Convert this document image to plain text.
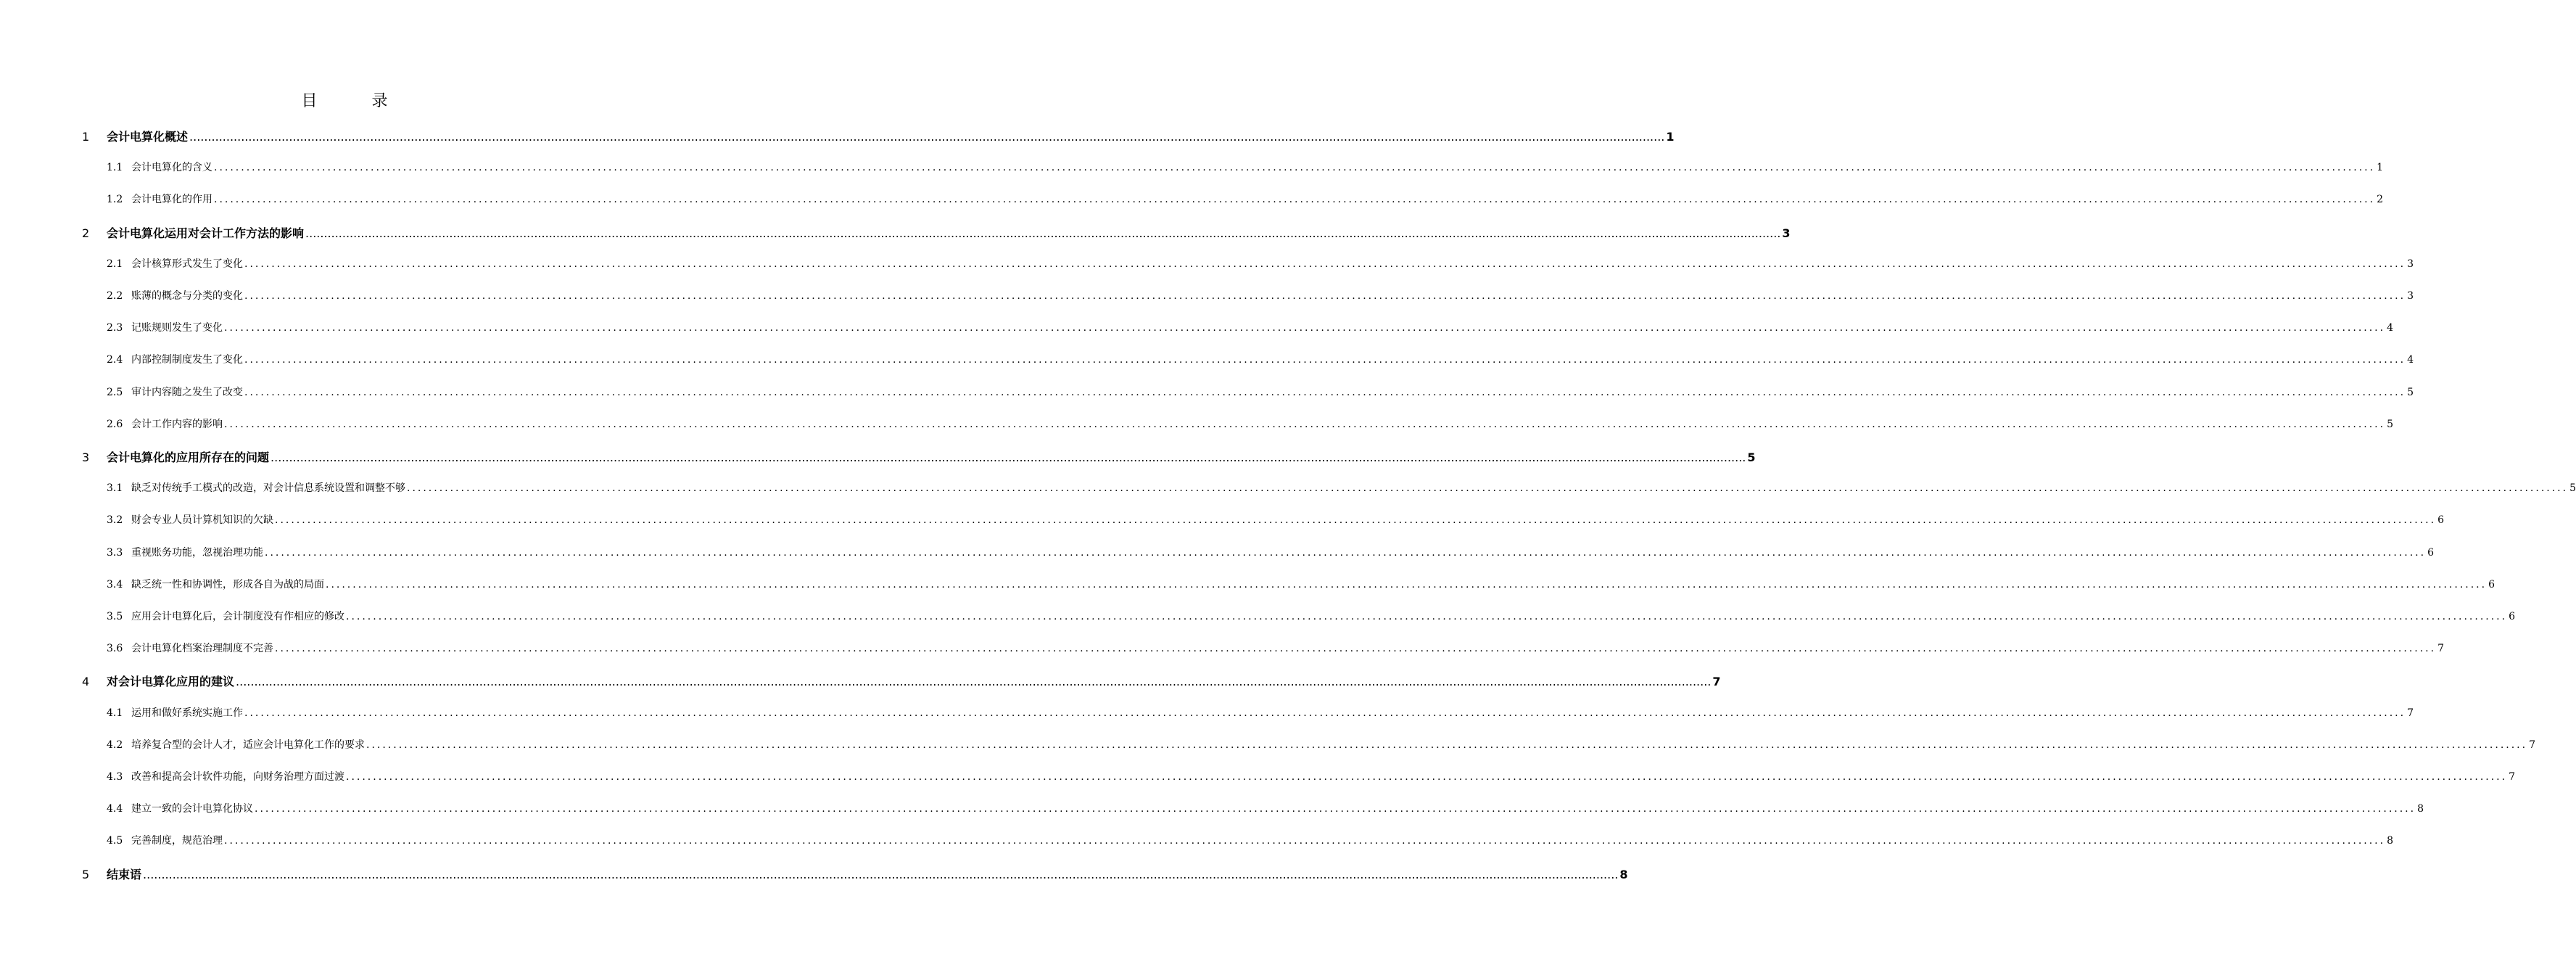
目 录
1	会计电算化概述 ................................................................................................................................................................................................................................................................................................................................................................................................................ 1
1.1 会计电算化的含义 ................................................................................................................................................................................................................................................................................................................................................................................................................ 1
1.2 会计电算化的作用 ................................................................................................................................................................................................................................................................................................................................................................................................................ 2
2	会计电算化运用对会计工作方法的影响 ................................................................................................................................................................................................................................................................................................................................................................................................................ 3
2.1 会计核算形式发生了变化 ................................................................................................................................................................................................................................................................................................................................................................................................................ 3
2.2 账薄的概念与分类的变化 ................................................................................................................................................................................................................................................................................................................................................................................................................ 3
2.3 记账规则发生了变化 ................................................................................................................................................................................................................................................................................................................................................................................................................ 4
2.4 内部控制制度发生了变化 ................................................................................................................................................................................................................................................................................................................................................................................................................ 4
2.5 审计内容随之发生了改变 ................................................................................................................................................................................................................................................................................................................................................................................................................ 5
2.6 会计工作内容的影响 ................................................................................................................................................................................................................................................................................................................................................................................................................ 5
3	会计电算化的应用所存在的问题 ................................................................................................................................................................................................................................................................................................................................................................................................................ 5
3.1 缺乏对传统手工模式的改造，对会计信息系统设置和调整不够 ................................................................................................................................................................................................................................................................................................................................................................................................................ 5
3.2 财会专业人员计算机知识的欠缺 ................................................................................................................................................................................................................................................................................................................................................................................................................ 6
3.3 重视账务功能，忽视治理功能 ................................................................................................................................................................................................................................................................................................................................................................................................................ 6
3.4 缺乏统一性和协调性，形成各自为战的局面 ................................................................................................................................................................................................................................................................................................................................................................................................................ 6
3.5 应用会计电算化后，会计制度没有作相应的修改 ................................................................................................................................................................................................................................................................................................................................................................................................................ 6
3.6 会计电算化档案治理制度不完善 ................................................................................................................................................................................................................................................................................................................................................................................................................ 7
4	对会计电算化应用的建议 ................................................................................................................................................................................................................................................................................................................................................................................................................ 7
4.1 运用和做好系统实施工作 ................................................................................................................................................................................................................................................................................................................................................................................................................ 7
4.2 培养复合型的会计人才，适应会计电算化工作的要求 ................................................................................................................................................................................................................................................................................................................................................................................................................ 7
4.3 改善和提高会计软件功能，向财务治理方面过渡 ................................................................................................................................................................................................................................................................................................................................................................................................................ 7
4.4 建立一致的会计电算化协议 ................................................................................................................................................................................................................................................................................................................................................................................................................ 8
4.5 完善制度，规范治理 ................................................................................................................................................................................................................................................................................................................................................................................................................ 8
5	结束语 ................................................................................................................................................................................................................................................................................................................................................................................................................ 8
